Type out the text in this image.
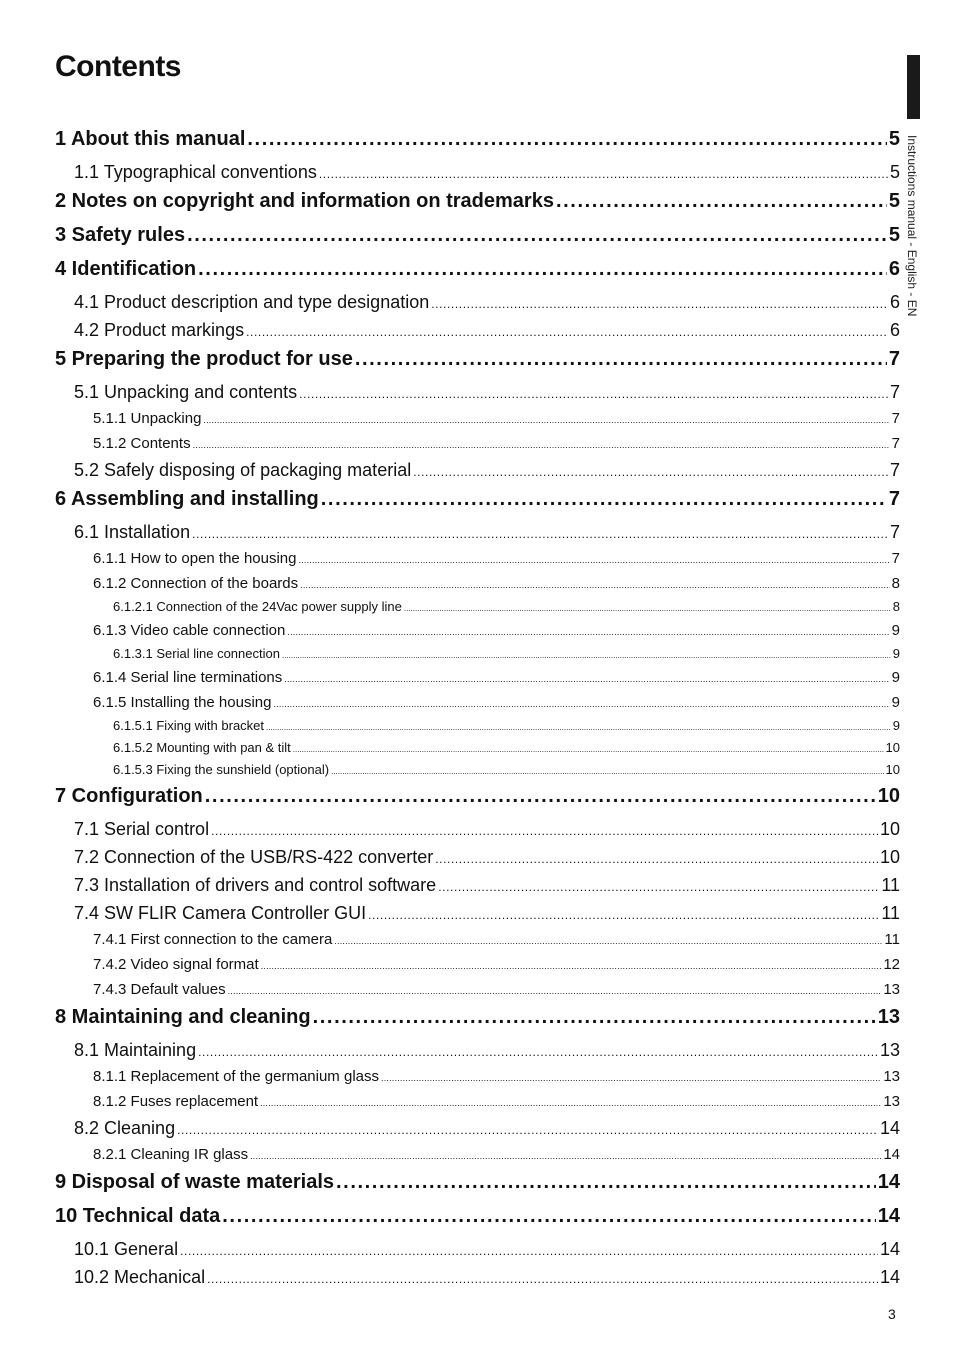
Contents
Instructions manual - English - EN
1 About this manual .....	5
1.1 Typographical conventions .....	5
2 Notes on copyright and information on trademarks .....	5
3 Safety rules .....	5
4 Identification .....	6
4.1 Product description and type designation .....	6
4.2 Product markings .....	6
5 Preparing the product for use .....	7
5.1 Unpacking and contents .....	7
5.1.1 Unpacking .....	7
5.1.2 Contents .....	7
5.2 Safely disposing of packaging material .....	7
6 Assembling and installing .....	7
6.1 Installation .....	7
6.1.1 How to open the housing .....	7
6.1.2 Connection of the boards .....	8
6.1.2.1 Connection of the 24Vac power supply line .....	8
6.1.3 Video cable connection .....	9
6.1.3.1 Serial line connection .....	9
6.1.4 Serial line terminations .....	9
6.1.5 Installing the housing .....	9
6.1.5.1 Fixing with bracket .....	9
6.1.5.2 Mounting with pan & tilt .....	10
6.1.5.3 Fixing the sunshield (optional) .....	10
7 Configuration .....	10
7.1 Serial control .....	10
7.2 Connection of the USB/RS-422 converter .....	10
7.3 Installation of drivers and control software .....	11
7.4 SW FLIR Camera Controller GUI .....	11
7.4.1 First connection to the camera .....	11
7.4.2 Video signal format .....	12
7.4.3 Default values .....	13
8 Maintaining and cleaning .....	13
8.1 Maintaining .....	13
8.1.1 Replacement of the germanium glass .....	13
8.1.2 Fuses replacement .....	13
8.2 Cleaning .....	14
8.2.1 Cleaning IR glass .....	14
9 Disposal of waste materials .....	14
10 Technical data .....	14
10.1 General .....	14
10.2 Mechanical .....	14
3
